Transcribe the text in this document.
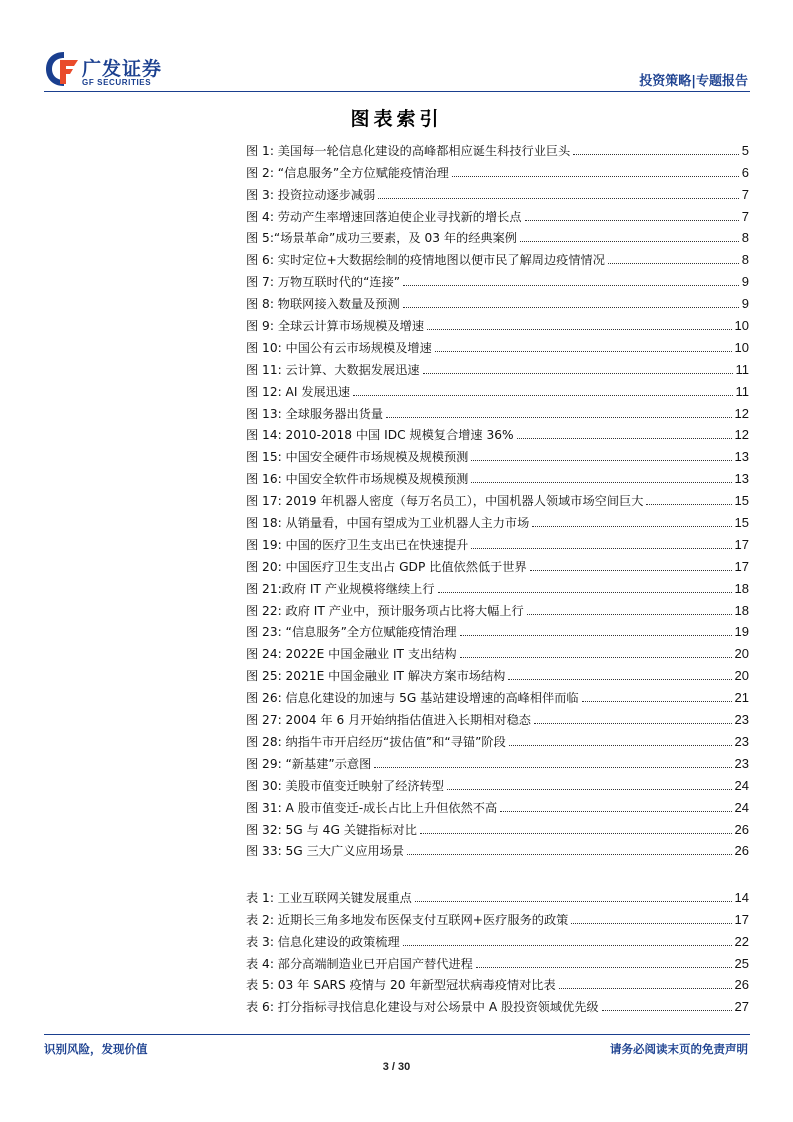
广发证券
GF SECURITIES	投资策略|专题报告
图表索引
图 1: 美国每一轮信息化建设的高峰都相应诞生科技行业巨头	5
图 2: “信息服务”全方位赋能疫情治理	6
图 3: 投资拉动逐步减弱	7
图 4: 劳动产生率增速回落迫使企业寻找新的增长点	7
图 5:“场景革命”成功三要素，及 03 年的经典案例	8
图 6: 实时定位+大数据绘制的疫情地图以便市民了解周边疫情情况	8
图 7: 万物互联时代的“连接”	9
图 8: 物联网接入数量及预测	9
图 9: 全球云计算市场规模及增速	10
图 10: 中国公有云市场规模及增速	10
图 11: 云计算、大数据发展迅速	11
图 12: AI 发展迅速	11
图 13: 全球服务器出货量	12
图 14: 2010-2018 中国 IDC 规模复合增速 36%	12
图 15: 中国安全硬件市场规模及规模预测	13
图 16: 中国安全软件市场规模及规模预测	13
图 17: 2019 年机器人密度（每万名员工），中国机器人领域市场空间巨大	15
图 18: 从销量看，中国有望成为工业机器人主力市场	15
图 19: 中国的医疗卫生支出已在快速提升	17
图 20: 中国医疗卫生支出占 GDP 比值依然低于世界	17
图 21:政府 IT 产业规模将继续上行	18
图 22: 政府 IT 产业中，预计服务项占比将大幅上行	18
图 23: “信息服务”全方位赋能疫情治理	19
图 24: 2022E 中国金融业 IT 支出结构	20
图 25: 2021E 中国金融业 IT 解决方案市场结构	20
图 26: 信息化建设的加速与 5G 基站建设增速的高峰相伴而临	21
图 27: 2004 年 6 月开始纳指估值进入长期相对稳态	23
图 28: 纳指牛市开启经历“拔估值”和“寻锚”阶段	23
图 29: “新基建”示意图	23
图 30: 美股市值变迁映射了经济转型	24
图 31: A 股市值变迁-成长占比上升但依然不高	24
图 32: 5G 与 4G 关键指标对比	26
图 33: 5G 三大广义应用场景	26
表 1: 工业互联网关键发展重点	14
表 2: 近期长三角多地发布医保支付互联网+医疗服务的政策	17
表 3: 信息化建设的政策梳理	22
表 4: 部分高端制造业已开启国产替代进程	25
表 5: 03 年 SARS 疫情与 20 年新型冠状病毒疫情对比表	26
表 6: 打分指标寻找信息化建设与对公场景中 A 股投资领域优先级	27
识别风险，发现价值	请务必阅读末页的免责声明
3 / 30
